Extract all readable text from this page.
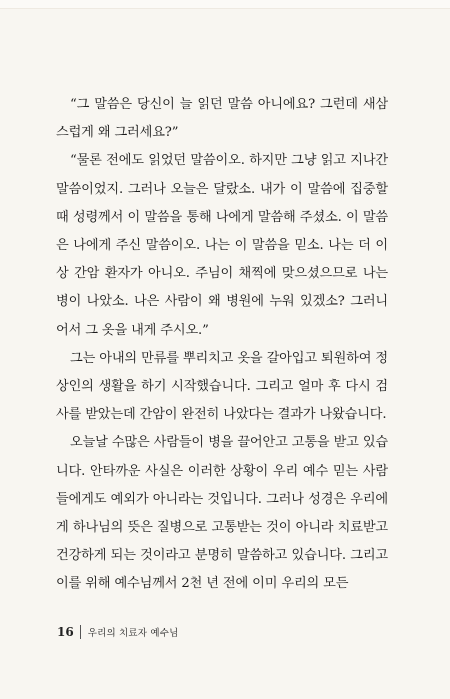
“그 말씀은 당신이 늘 읽던 말씀 아니에요? 그런데 새삼스럽게 왜 그러세요?”

“물론 전에도 읽었던 말씀이오. 하지만 그냥 읽고 지나간 말씀이었지. 그러나 오늘은 달랐소. 내가 이 말씀에 집중할 때 성령께서 이 말씀을 통해 나에게 말씀해 주셨소. 이 말씀은 나에게 주신 말씀이오. 나는 이 말씀을 믿소. 나는 더 이상 간암 환자가 아니오. 주님이 채찍에 맞으셨으므로 나는 병이 나았소. 나은 사람이 왜 병원에 누워 있겠소? 그러니 어서 그 옷을 내게 주시오.”

그는 아내의 만류를 뿌리치고 옷을 갈아입고 퇴원하여 정상인의 생활을 하기 시작했습니다. 그리고 얼마 후 다시 검사를 받았는데 간암이 완전히 나았다는 결과가 나왔습니다.

오늘날 수많은 사람들이 병을 끌어안고 고통을 받고 있습니다. 안타까운 사실은 이러한 상황이 우리 예수 믿는 사람들에게도 예외가 아니라는 것입니다. 그러나 성경은 우리에게 하나님의 뜻은 질병으로 고통받는 것이 아니라 치료받고 건강하게 되는 것이라고 분명히 말씀하고 있습니다. 그리고 이를 위해 예수님께서 2천 년 전에 이미 우리의 모든

16 우리의 치료자 예수님
